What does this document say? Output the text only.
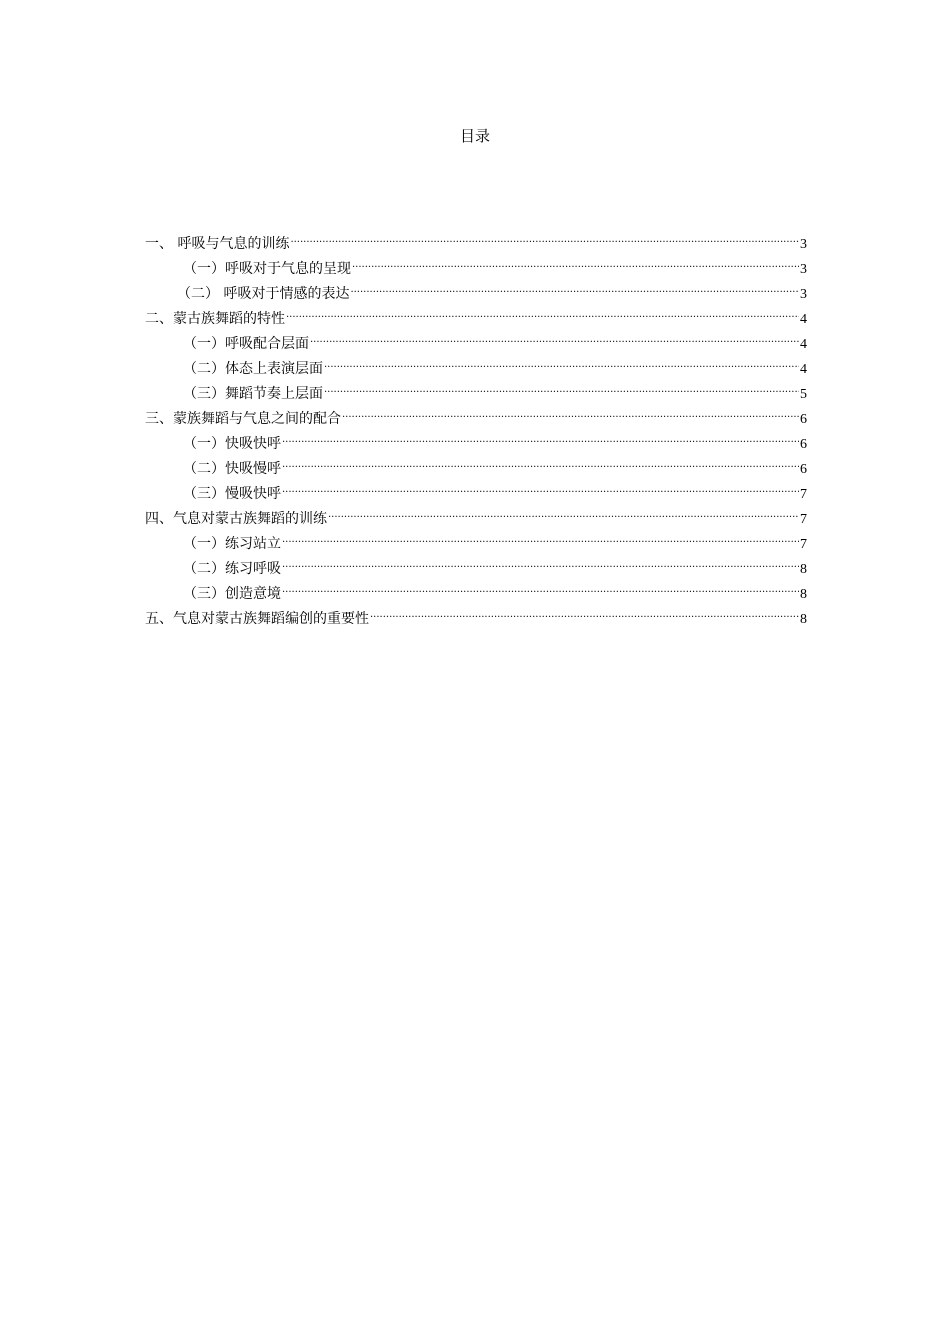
目录
一、 呼吸与气息的训练 .....	3
（一）呼吸对于气息的呈现 .....	3
（二） 呼吸对于情感的表达 .....	3
二、蒙古族舞蹈的特性 .....	4
（一）呼吸配合层面 .....	4
（二）体态上表演层面 .....	4
（三）舞蹈节奏上层面 .....	5
三、蒙族舞蹈与气息之间的配合 .....	6
（一）快吸快呼 .....	6
（二）快吸慢呼 .....	6
（三）慢吸快呼 .....	7
四、气息对蒙古族舞蹈的训练 .....	7
（一）练习站立 .....	7
（二）练习呼吸 .....	8
（三）创造意境 .....	8
五、气息对蒙古族舞蹈编创的重要性 .....	8
